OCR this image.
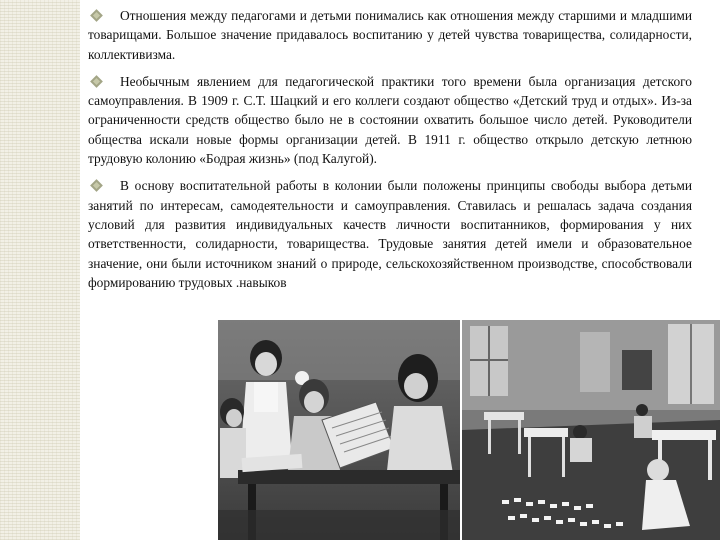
Отношения между педагогами и детьми понимались как отношения между старшими и младшими товарищами. Большое значение придавалось воспитанию у детей чувства товарищества, солидарности, коллективизма.

Необычным явлением для педагогической практики того времени была организация детского самоуправления. В 1909 г. С.Т. Шацкий и его коллеги создают общество «Детский труд и отдых». Из-за ограниченности средств общество было не в состоянии охватить большое число детей. Руководители общества искали новые формы организации детей. В 1911 г. общество открыло детскую летнюю трудовую колонию «Бодрая жизнь» (под Калугой).

В основу воспитательной работы в колонии были положены принципы свободы выбора детьми занятий по интересам, самодеятельности и самоуправления. Ставилась и решалась задача создания условий для развития индивидуальных качеств личности воспитанников, формирования у них ответственности, солидарности, товарищества. Трудовые занятия детей имели и образовательное значение, они были источником знаний о природе, сельскохозяйственном производстве, способствовали формированию трудовых .навыков
